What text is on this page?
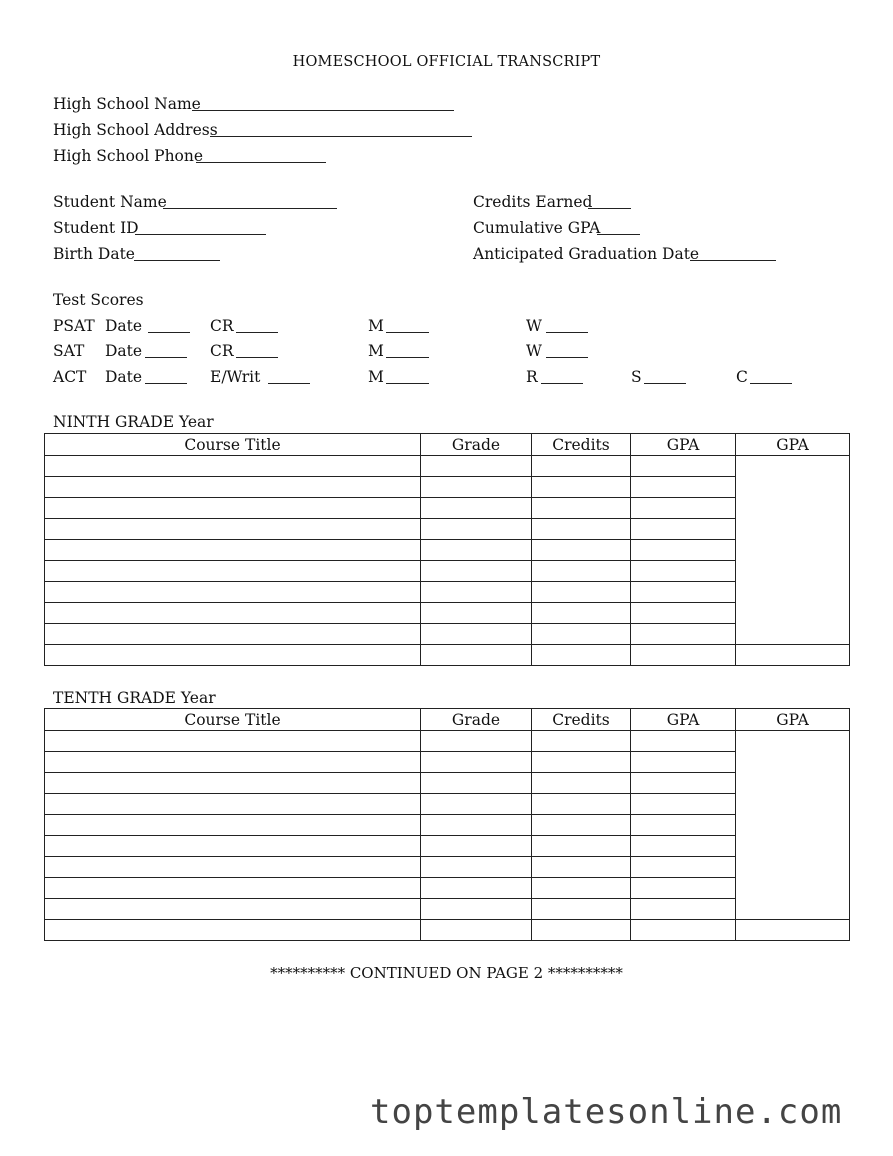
HOMESCHOOL OFFICIAL TRANSCRIPT
High School Name
High School Address
High School Phone
Student Name
Student ID
Birth Date
Credits Earned
Cumulative GPA
Anticipated Graduation Date
Test Scores
PSAT Date	CR	M	W
SAT Date	CR	M	W
ACT Date	E/Writ	M	R	S	C
NINTH GRADE Year
Course Title	Grade	Credits	GPA	GPA

TENTH GRADE Year
Course Title	Grade	Credits	GPA	GPA

********** CONTINUED ON PAGE 2 **********
toptemplatesonline.com
